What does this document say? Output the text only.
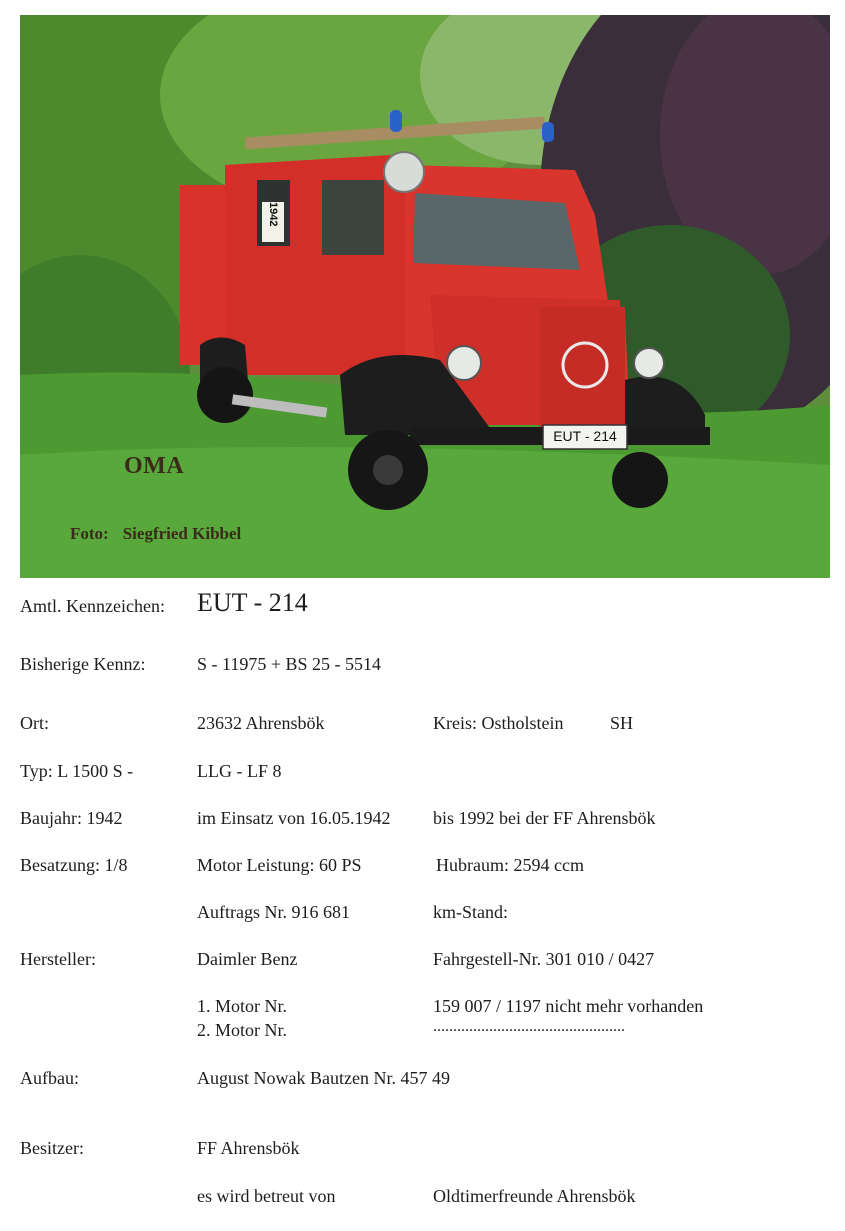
1942
EUT - 214
OMA
Foto: Siegfried Kibbel
Amtl. Kennzeichen: EUT - 214
Bisherige Kennz:	S - 11975 + BS 25 - 5514
Ort:	23632 Ahrensbök	Kreis: Ostholstein	SH
Typ: L 1500 S -	LLG - LF 8
Baujahr: 1942	im Einsatz von 16.05.1942 bis 1992 bei der FF Ahrensbök
Besatzung: 1/8	Motor Leistung: 60 PS	Hubraum: 2594 ccm
Auftrags Nr. 916 681	km-Stand:
Hersteller:	Daimler Benz	Fahrgestell-Nr. 301 010 / 0427
1. Motor Nr.	159 007 / 1197 nicht mehr vorhanden
2. Motor Nr.	................................................
Aufbau:	August Nowak Bautzen Nr. 457 49
Besitzer:	FF Ahrensbök
es wird betreut von	Oldtimerfreunde Ahrensbök
